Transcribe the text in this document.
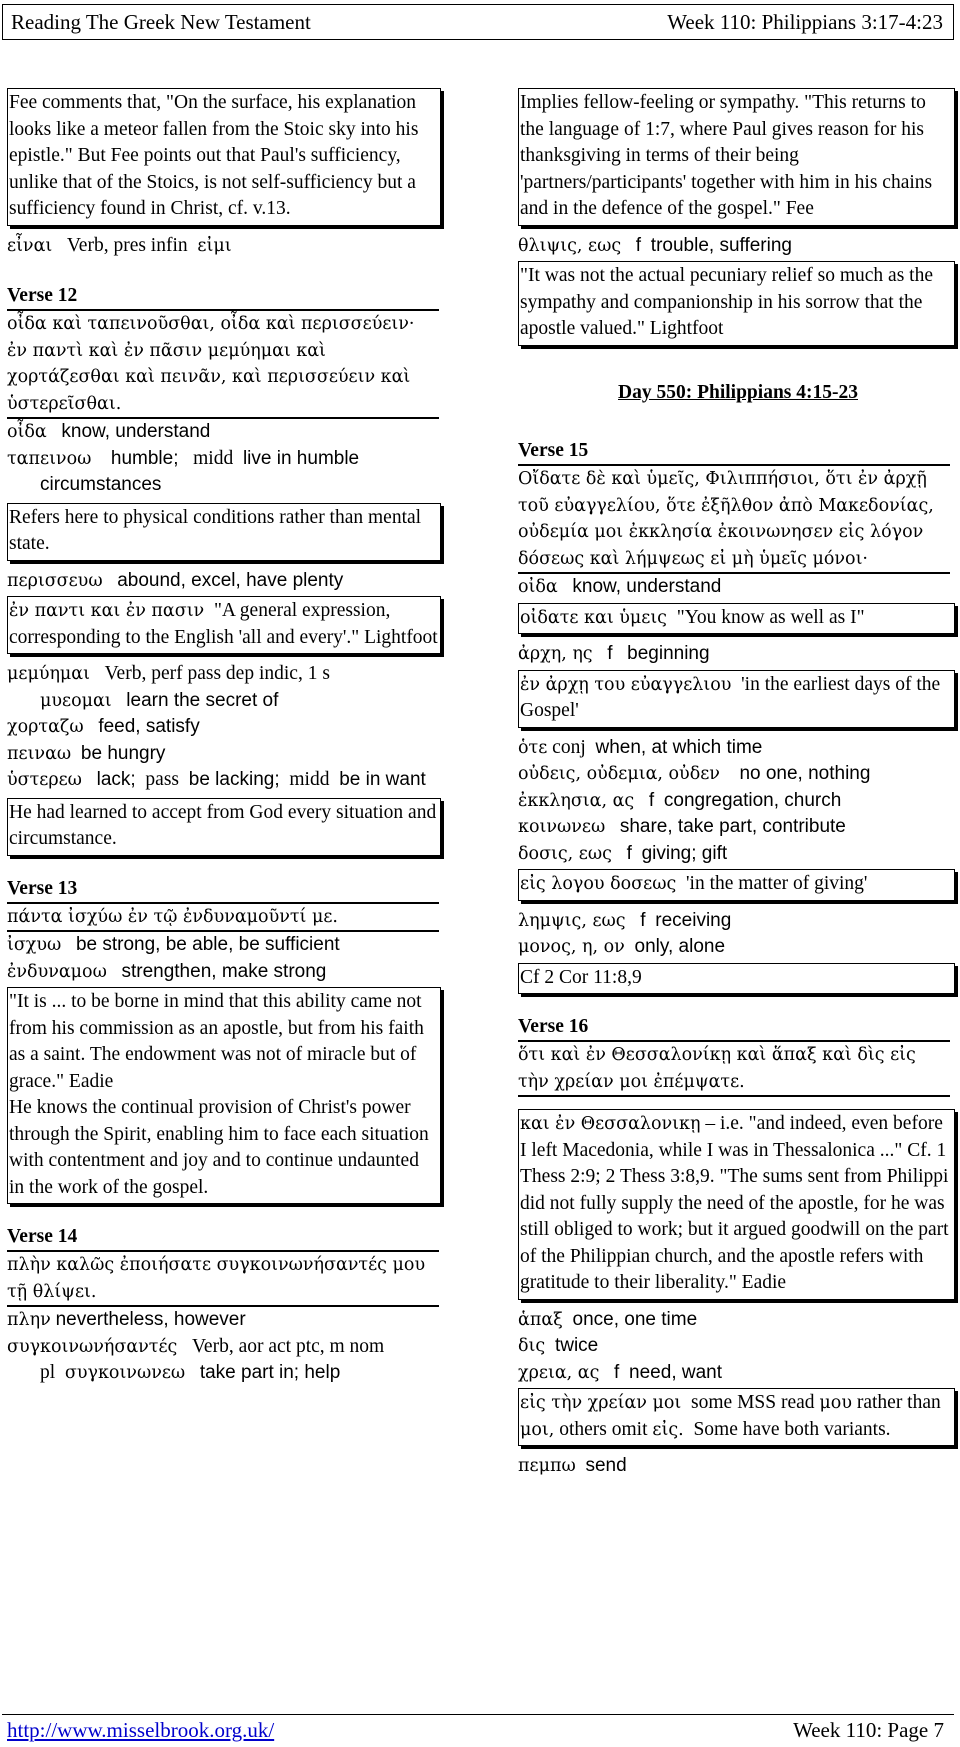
Reading The Greek New Testament	Week 110: Philippians 3:17-4:23
Fee comments that, "On the surface, his explanation looks like a meteor fallen from the Stoic sky into his epistle." But Fee points out that Paul's sufficiency, unlike that of the Stoics, is not self-sufficiency but a sufficiency found in Christ, cf. v.13.
εἶναι Verb, pres infin εἰμι
Verse 12
οἶδα καὶ ταπεινοῦσθαι, οἶδα καὶ περισσεύειν· ἐν παντὶ καὶ ἐν πᾶσιν μεμύημαι καὶ χορτάζεσθαι καὶ πεινᾶν, καὶ περισσεύειν καὶ ὑστερεῖσθαι.
οἶδα know, understand
ταπεινοω humble; midd live in humble circumstances
Refers here to physical conditions rather than mental state.
περισσευω abound, excel, have plenty
ἐν παντι και ἐν πασιν "A general expression, corresponding to the English 'all and every'." Lightfoot
μεμύημαι Verb, perf pass dep indic, 1 s
μυεομαι learn the secret of
χορταζω feed, satisfy
πειναω be hungry
ὑστερεω lack; pass be lacking; midd be in want
He had learned to accept from God every situation and circumstance.
Verse 13
πάντα ἰσχύω ἐν τῷ ἐνδυναμοῦντί με.
ἰσχυω be strong, be able, be sufficient
ἐνδυναμοω strengthen, make strong
"It is ... to be borne in mind that this ability came not from his commission as an apostle, but from his faith as a saint. The endowment was not of miracle but of grace." Eadie
He knows the continual provision of Christ's power through the Spirit, enabling him to face each situation with contentment and joy and to continue undaunted in the work of the gospel.
Verse 14
πλὴν καλῶς ἐποιήσατε συγκοινωνήσαντές μου τῇ θλίψει.
πλην nevertheless, however
συγκοινωνήσαντές Verb, aor act ptc, m nom pl συγκοινωνεω take part in; help
Implies fellow-feeling or sympathy. "This returns to the language of 1:7, where Paul gives reason for his thanksgiving in terms of their being 'partners/participants' together with him in his chains and in the defence of the gospel." Fee
θλιψις, εως f trouble, suffering
"It was not the actual pecuniary relief so much as the sympathy and companionship in his sorrow that the apostle valued." Lightfoot
Day 550: Philippians 4:15-23
Verse 15
Οἴδατε δὲ καὶ ὑμεῖς, Φιλιππήσιοι, ὅτι ἐν ἀρχῇ τοῦ εὐαγγελίου, ὅτε ἐξῆλθον ἀπὸ Μακεδονίας, οὐδεμία μοι ἐκκλησία ἐκοινωνησεν εἰς λόγον δόσεως καὶ λήμψεως εἰ μὴ ὑμεῖς μόνοι·
οἰδα know, understand
οἰδατε και ὑμεις "You know as well as I"
ἀρχη, ης f beginning
ἐν ἀρχῃ του εὐαγγελιου 'in the earliest days of the Gospel'
ὁτε conj when, at which time
οὐδεις, οὐδεμια, οὐδεν no one, nothing
ἐκκλησια, ας f congregation, church
κοινωνεω share, take part, contribute
δοσις, εως f giving; gift
εἰς λογου δοσεως 'in the matter of giving'
λημψις, εως f receiving
μονος, η, ον only, alone
Cf 2 Cor 11:8,9
Verse 16
ὅτι καὶ ἐν Θεσσαλονίκῃ καὶ ἅπαξ καὶ δὶς εἰς τὴν χρείαν μοι ἐπέμψατε.
και ἐν Θεσσαλονικῃ – i.e. "and indeed, even before I left Macedonia, while I was in Thessalonica ..." Cf. 1 Thess 2:9; 2 Thess 3:8,9. "The sums sent from Philippi did not fully supply the need of the apostle, for he was still obliged to work; but it argued goodwill on the part of the Philippian church, and the apostle refers with gratitude to their liberality." Eadie
ἁπαξ once, one time
δις twice
χρεια, ας f need, want
εἰς τὴν χρείαν μοι some MSS read μου rather than μοι, others omit εἰς. Some have both variants.
πεμπω send
http://www.misselbrook.org.uk/	Week 110: Page 7
